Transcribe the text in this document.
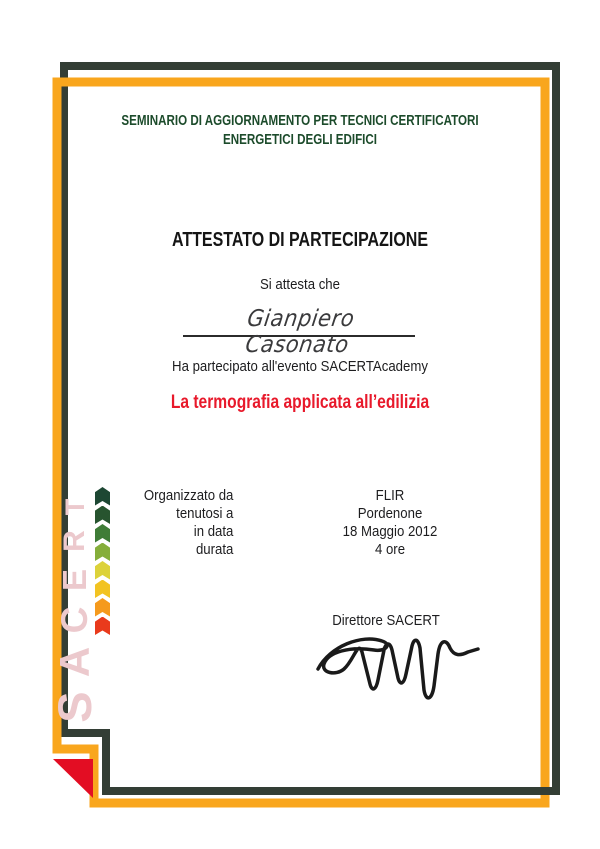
T
R
E
C
A
S
SEMINARIO DI AGGIORNAMENTO PER TECNICI CERTIFICATORI
ENERGETICI DEGLI EDIFICI
ATTESTATO DI PARTECIPAZIONE
Si attesta che
Gianpiero Casonato
Ha partecipato all'evento SACERTAcademy
La termografia applicata all’edilizia
Organizzato da
tenutosi a
in data
durata
FLIR
Pordenone
18 Maggio 2012
4 ore
Direttore SACERT
